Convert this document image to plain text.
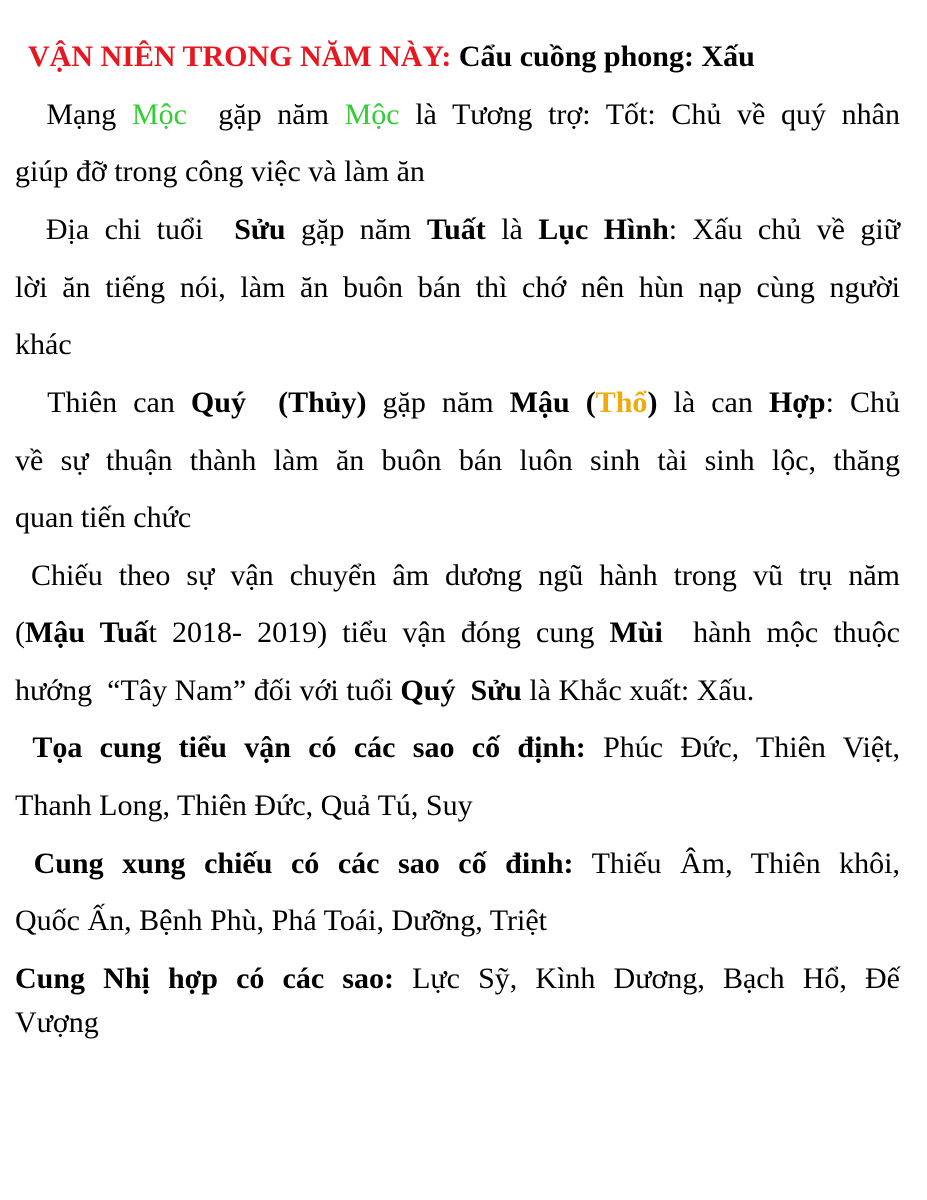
VẬN NIÊN TRONG NĂM NÀY: Cẩu cuồng phong: Xấu
Mạng Mộc  gặp năm Mộc là Tương trợ: Tốt: Chủ về quý nhân
giúp đỡ trong công việc và làm ăn
Địa chi tuổi  Sửu gặp năm Tuất là Lục Hình: Xấu chủ về giữ
lời ăn tiếng nói, làm ăn buôn bán thì chớ nên hùn nạp cùng người
khác
Thiên can Quý  (Thủy) gặp năm Mậu (Thổ) là can Hợp: Chủ
về sự thuận thành làm ăn buôn bán luôn sinh tài sinh lộc, thăng
quan tiến chức
Chiếu theo sự vận chuyển âm dương ngũ hành trong vũ trụ năm
(Mậu Tuất 2018- 2019) tiểu vận đóng cung Mùi  hành mộc thuộc
hướng  “Tây Nam” đối với tuổi Quý Sửu là Khắc xuất: Xấu.
Tọa cung tiểu vận có các sao cố định: Phúc Đức, Thiên Việt,
Thanh Long, Thiên Đức, Quả Tú, Suy
Cung xung chiếu có các sao cố đinh: Thiếu Âm, Thiên khôi,
Quốc Ấn, Bệnh Phù, Phá Toái, Dưỡng, Triệt
Cung Nhị hợp có các sao: Lực Sỹ, Kình Dương, Bạch Hổ, Đế
Vượng
